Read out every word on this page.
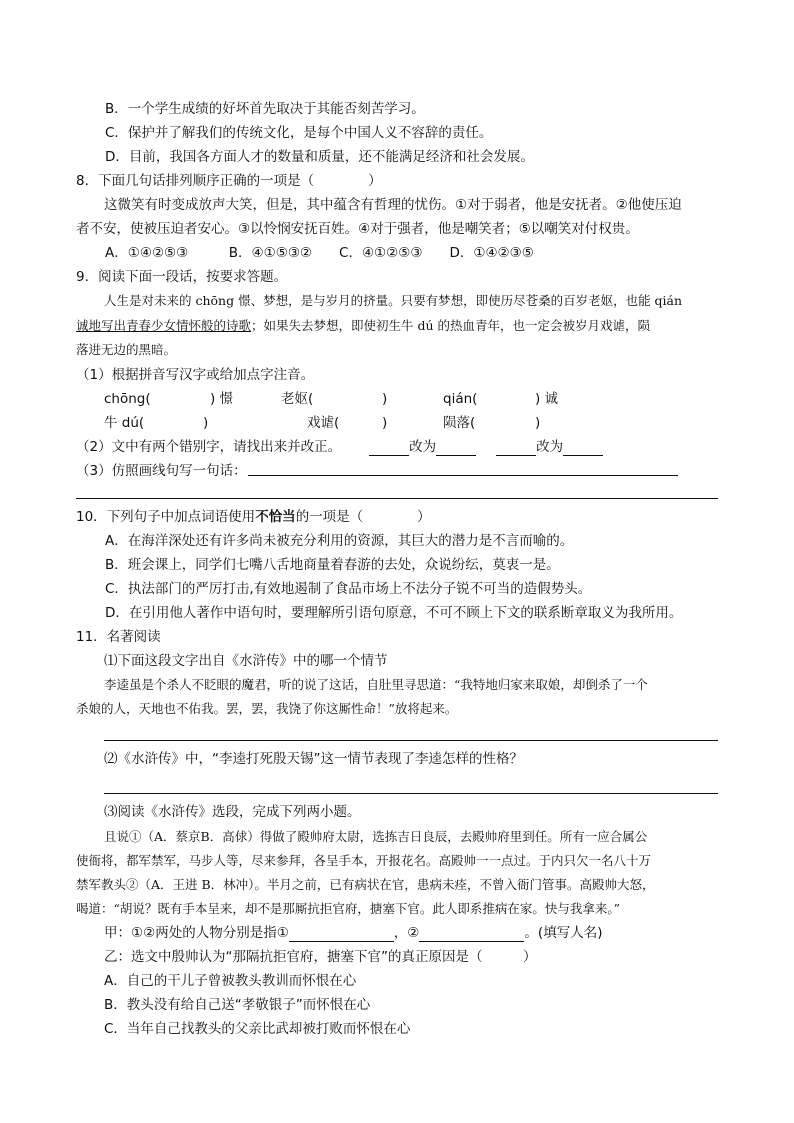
B．一个学生成绩的好坏首先取决于其能否刻苦学习。
C．保护并了解我们的传统文化，是每个中国人义不容辞的责任。
D．目前，我国各方面人才的数量和质量，还不能满足经济和社会发展。
8．下面几句话排列顺序正确的一项是（　　　　）
这微笑有时变成放声大笑，但是，其中蕴含有哲理的忧伤。①对于弱者，他是安抚者。②他使压迫
者不安，使被压迫者安心。③以怜悯安抚百姓。④对于强者，他是嘲笑者；⑤以嘲笑对付权贵。
A．①④②⑤③　　　B．④①⑤③②　　C．④①②⑤③　　D．①④②③⑤
9．阅读下面一段话，按要求答题。
人生是对未来的 chōng 憬、梦想，是与岁月的挤量。只要有梦想，即使历尽苍桑的百岁老妪，也能 qián
诚地写出青春少女情怀般的诗歌；如果失去梦想，即使初生牛 dú 的热血青年，也一定会被岁月戏谑，陨
落进无边的黑暗。
（1）根据拼音写汉字或给加点字注音。
chōng(	) 憬	老妪(	)	qián(	) 诚
牛 dú(	)	戏谑(	)	陨落(	)
（2）文中有两个错别字，请找出来并改正。	改为	改为
（3）仿照画线句写一句话：
10．下列句子中加点词语使用不恰当的一项是（　　　　）
A．在海洋深处还有许多尚未被充分利用的资源，其巨大的潜力是不言而喻的。
B．班会课上，同学们七嘴八舌地商量着春游的去处，众说纷纭，莫衷一是。
C．执法部门的严厉打击,有效地遏制了食品市场上不法分子锐不可当的造假势头。
D．在引用他人著作中语句时，要理解所引语句原意，不可不顾上下文的联系断章取义为我所用。
11．名著阅读
⑴下面这段文字出自《水浒传》中的哪一个情节
李逵虽是个杀人不眨眼的魔君，听的说了这话，自肚里寻思道：“我特地归家来取娘，却倒杀了一个
杀娘的人，天地也不佑我。罢，罢，我饶了你这厮性命！”放将起来。
⑵《水浒传》中，“李逵打死殷天锡”这一情节表现了李逵怎样的性格？
⑶阅读《水浒传》选段，完成下列两小题。
且说①（A．蔡京B．高俅）得做了殿帅府太尉，选拣吉日良辰，去殿帅府里到任。所有一应合属公
使衙将，都军禁军，马步人等，尽来参拜，各呈手本，开报花名。高殿帅一一点过。于内只欠一名八十万
禁军教头②（A．王进 B．林冲）。半月之前，已有病状在官，患病未痊，不曾入衙门管事。高殿帅大怒，
喝道：“胡说？既有手本呈来，却不是那厮抗拒官府，搪塞下官。此人即系推病在家。快与我拿来。”
甲：①②两处的人物分别是指①	，②	。(填写人名)
乙：选文中殷帅认为“那隔抗拒官府，搪塞下官”的真正原因是（　　　）
A．自己的干儿子曾被教头教训而怀恨在心
B．教头没有给自己送“孝敬银子”而怀恨在心
C．当年自己找教头的父亲比武却被打败而怀恨在心
